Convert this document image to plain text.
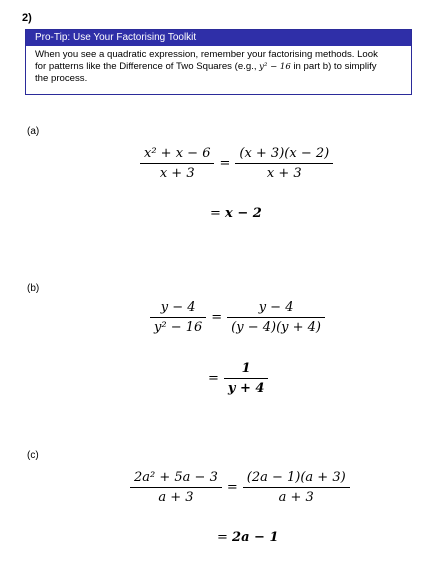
2)
Pro-Tip: Use Your Factorising Toolkit
When you see a quadratic expression, remember your factorising methods. Look
for patterns like the Difference of Two Squares (e.g., y² − 16 in part b) to simplify
the process.
(a)
$\frac{\text{x² + x − 6}}{x + 3} = \frac{(x + 3)(x - 2)}{x + 3}$
= x − 2
(b)
$\frac{y - 4}{\text{y² − 16}} = \frac{y - 4}{(y - 4)(y + 4)}$
= $\frac{1}{y + 4}$
(c)
$\frac{\text{2a² + 5a − 3}}{a + 3} = \frac{(2a - 1)(a + 3)}{a + 3}$
= 2a − 1
